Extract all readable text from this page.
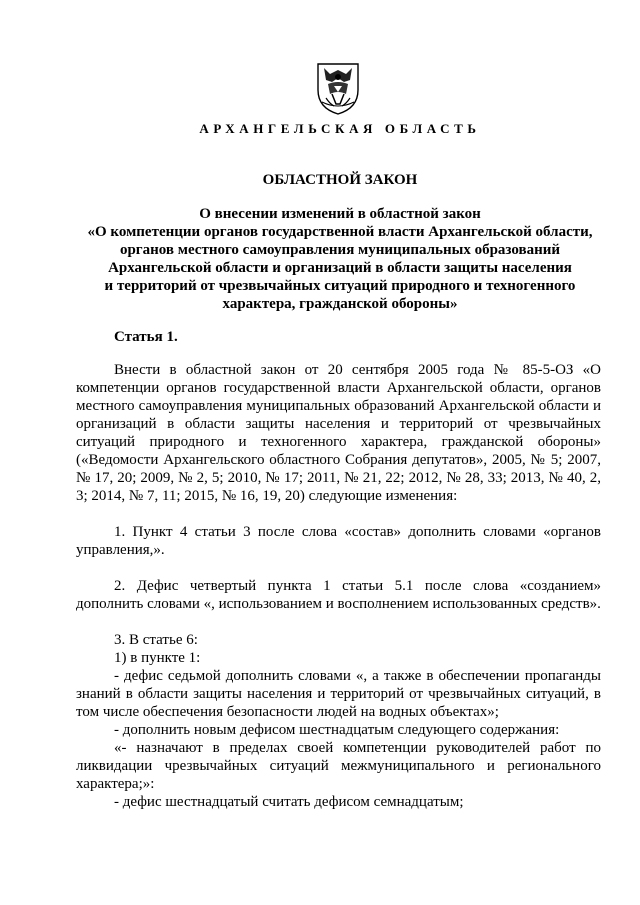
АРХАНГЕЛЬСКАЯ ОБЛАСТЬ
ОБЛАСТНОЙ ЗАКОН
О внесении изменений в областной закон
«О компетенции органов государственной власти Архангельской области,
органов местного самоуправления муниципальных образований
Архангельской области и организаций в области защиты населения
и территорий от чрезвычайных ситуаций природного и техногенного
характера, гражданской обороны»
Статья 1.

Внести в областной закон от 20 сентября 2005 года № 85-5-ОЗ «О компетенции органов государственной власти Архангельской области, органов местного самоуправления муниципальных образований Архангельской области и организаций в области защиты населения и территорий от чрезвычайных ситуаций природного и техногенного характера, гражданской обороны» («Ведомости Архангельского областного Собрания депутатов», 2005, № 5; 2007, № 17, 20; 2009, № 2, 5; 2010, № 17; 2011, № 21, 22; 2012, № 28, 33; 2013, № 40, 2, 3; 2014, № 7, 11; 2015, № 16, 19, 20) следующие изменения:

1. Пункт 4 статьи 3 после слова «состав» дополнить словами «органов управления,».

2. Дефис четвертый пункта 1 статьи 5.1 после слова «созданием» дополнить словами «, использованием и восполнением использованных средств».

3. В статье 6:

1) в пункте 1:

- дефис седьмой дополнить словами «, а также в обеспечении пропаганды знаний в области защиты населения и территорий от чрезвычайных ситуаций, в том числе обеспечения безопасности людей на водных объектах»;

- дополнить новым дефисом шестнадцатым следующего содержания:

«- назначают в пределах своей компетенции руководителей работ по ликвидации чрезвычайных ситуаций межмуниципального и регионального характера;»:

- дефис шестнадцатый считать дефисом семнадцатым;
